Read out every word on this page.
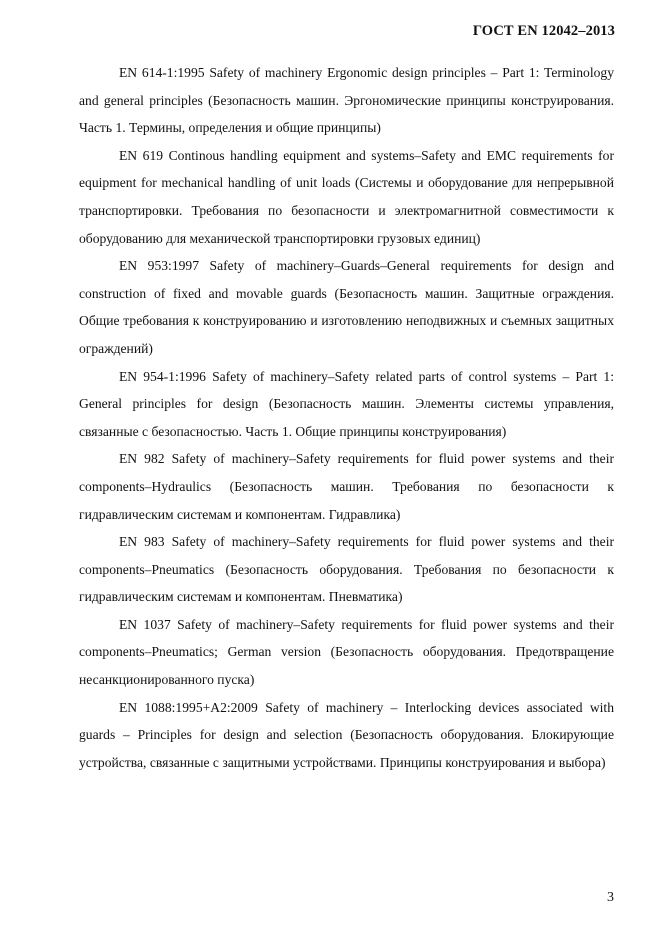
ГОСТ EN 12042–2013

EN 614-1:1995 Safety of machinery Ergonomic design principles – Part 1: Terminology and general principles (Безопасность машин. Эргономические принципы конструирования. Часть 1. Термины, определения и общие принципы)

EN 619 Continous handling equipment and systems–Safety and EMC requirements for equipment for mechanical handling of unit loads (Системы и оборудование для непрерывной транспортировки. Требования по безопасности и электромагнитной совместимости к оборудованию для механической транспортировки грузовых единиц)

EN 953:1997 Safety of machinery–Guards–General requirements for design and construction of fixed and movable guards (Безопасность машин. Защитные ограждения. Общие требования к конструированию и изготовлению неподвижных и съемных защитных ограждений)

EN 954-1:1996 Safety of machinery–Safety related parts of control systems – Part 1: General principles for design (Безопасность машин. Элементы системы управления, связанные с безопасностью. Часть 1. Общие принципы конструирования)

EN 982 Safety of machinery–Safety requirements for fluid power systems and their components–Hydraulics (Безопасность машин. Требования по безопасности к гидравлическим системам и компонентам. Гидравлика)

EN 983 Safety of machinery–Safety requirements for fluid power systems and their components–Pneumatics (Безопасность оборудования. Требования по безопасности к гидравлическим системам и компонентам. Пневматика)

EN 1037 Safety of machinery–Safety requirements for fluid power systems and their components–Pneumatics; German version (Безопасность оборудования. Предотвращение несанкционированного пуска)

EN 1088:1995+A2:2009 Safety of machinery – Interlocking devices associated with guards – Principles for design and selection (Безопасность оборудования. Блокирующие устройства, связанные с защитными устройствами. Принципы конструирования и выбора)

3
